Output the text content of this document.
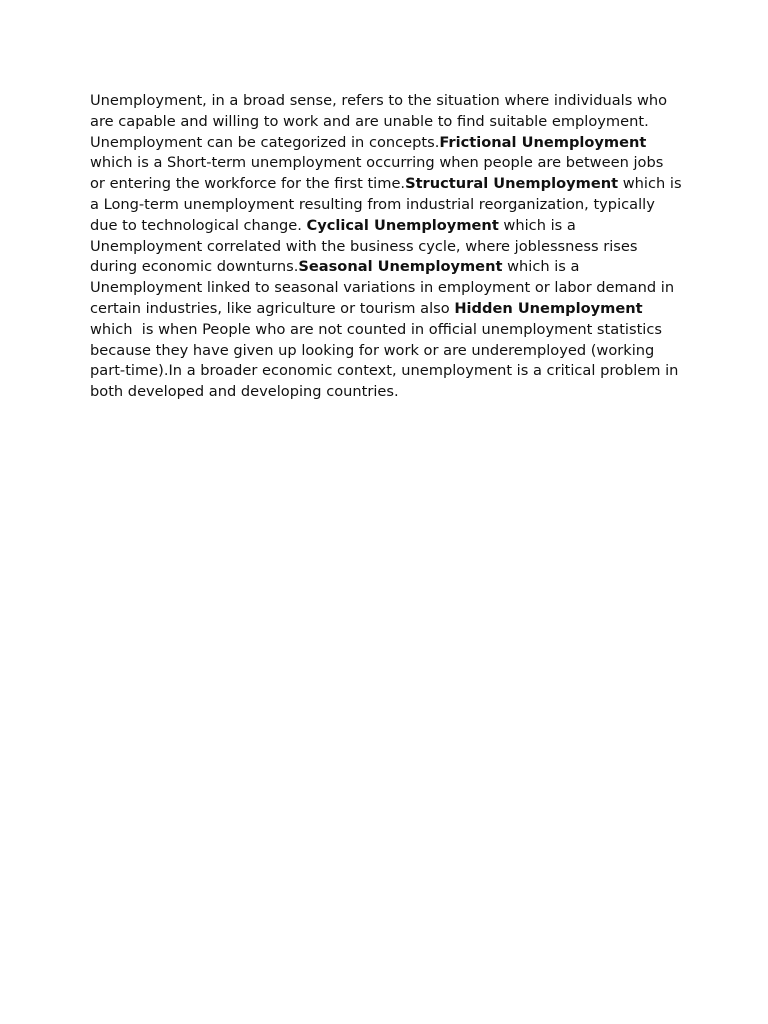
Unemployment, in a broad sense, refers to the situation where individuals who are capable and willing to work and are unable to find suitable employment. Unemployment can be categorized in concepts.Frictional Unemployment which is a Short-term unemployment occurring when people are between jobs or entering the workforce for the first time.Structural Unemployment which is a Long-term unemployment resulting from industrial reorganization, typically due to technological change. Cyclical Unemployment which is a Unemployment correlated with the business cycle, where joblessness rises during economic downturns.Seasonal Unemployment which is a Unemployment linked to seasonal variations in employment or labor demand in certain industries, like agriculture or tourism also Hidden Unemployment which  is when People who are not counted in official unemployment statistics because they have given up looking for work or are underemployed (working part-time).In a broader economic context, unemployment is a critical problem in both developed and developing countries.
